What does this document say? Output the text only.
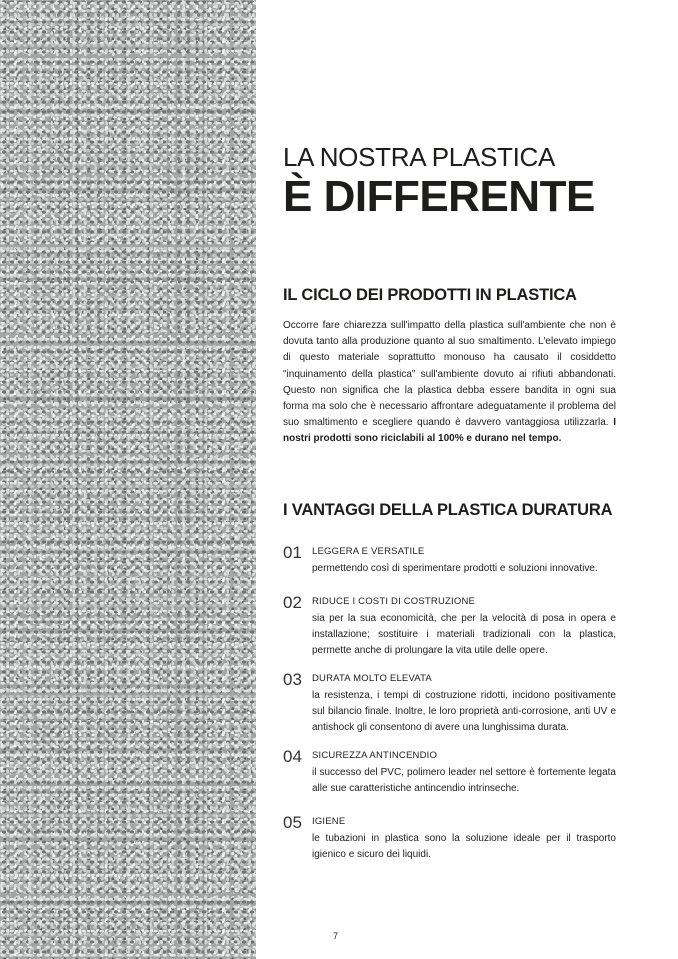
LA NOSTRA PLASTICA
È DIFFERENTE
IL CICLO DEI PRODOTTI IN PLASTICA

Occorre fare chiarezza sull'impatto della plastica sull'ambiente che non è dovuta tanto alla produzione quanto al suo smaltimento. L'elevato impiego di questo materiale soprattutto monouso ha causato il cosiddetto "inquinamento della plastica" sull'ambiente dovuto ai rifiuti abbandonati. Questo non significa che la plastica debba essere bandita in ogni sua forma ma solo che è necessario affrontare adeguatamente il problema del suo smaltimento e scegliere quando è davvero vantaggiosa utilizzarla. I nostri prodotti sono riciclabili al 100% e durano nel tempo.

I VANTAGGI DELLA PLASTICA DURATURA
01 LEGGERA E VERSATILE

permettendo così di sperimentare prodotti e soluzioni innovative.

02 RIDUCE I COSTI DI COSTRUZIONE

sia per la sua economicità, che per la velocità di posa in opera e installazione; sostituire i materiali tradizionali con la plastica, permette anche di prolungare la vita utile delle opere.

03 DURATA MOLTO ELEVATA

la resistenza, i tempi di costruzione ridotti, incidono positivamente sul bilancio finale. Inoltre, le loro proprietà anti-corrosione, anti UV e antishock gli consentono di avere una lunghissima durata.

04 SICUREZZA ANTINCENDIO

il successo del PVC, polimero leader nel settore è fortemente legata alle sue caratteristiche antincendio intrinseche.

05 IGIENE

le tubazioni in plastica sono la soluzione ideale per il trasporto igienico e sicuro dei liquidi.

7
